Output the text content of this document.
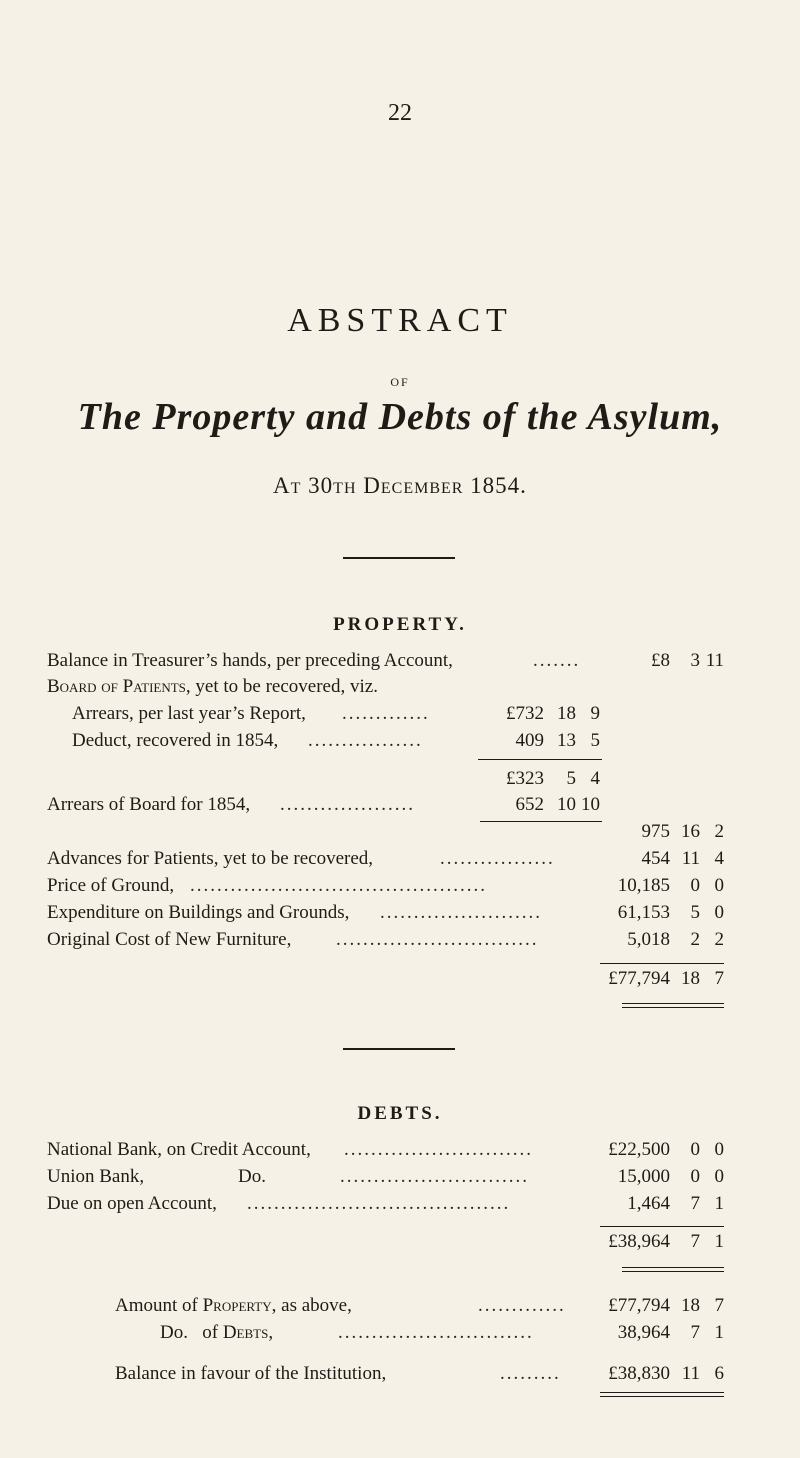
22
ABSTRACT
OF
The Property and Debts of the Asylum,
At 30th December 1854.
PROPERTY.
Balance in Treasurer’s hands, per preceding Account,	.......	£8	3 11
Board of Patients, yet to be recovered, viz.
Arrears, per last year’s Report, .............	£732 18 9
Deduct, recovered in 1854, .................	409 13 5
£323	5 4
Arrears of Board for 1854, ....................	652 10 10
975 16 2
Advances for Patients, yet to be recovered,	.................	454 11 4
Price of Ground, ............................................	10,185	0 0
Expenditure on Buildings and Grounds, ........................	61,153	5 0
Original Cost of New Furniture, ..............................	5,018	2 2
£77,794 18 7
DEBTS.
National Bank, on Credit Account, ............................	£22,500	0 0
Union Bank,	Do.	............................	15,000	0 0
Due on open Account, .......................................	1,464	7 1
£38,964	7 1
Amount of Property, as above,	.............	£77,794 18 7
Do. of Debts,	.............................	38,964	7 1
Balance in favour of the Institution,	.........	£38,830 11 6
